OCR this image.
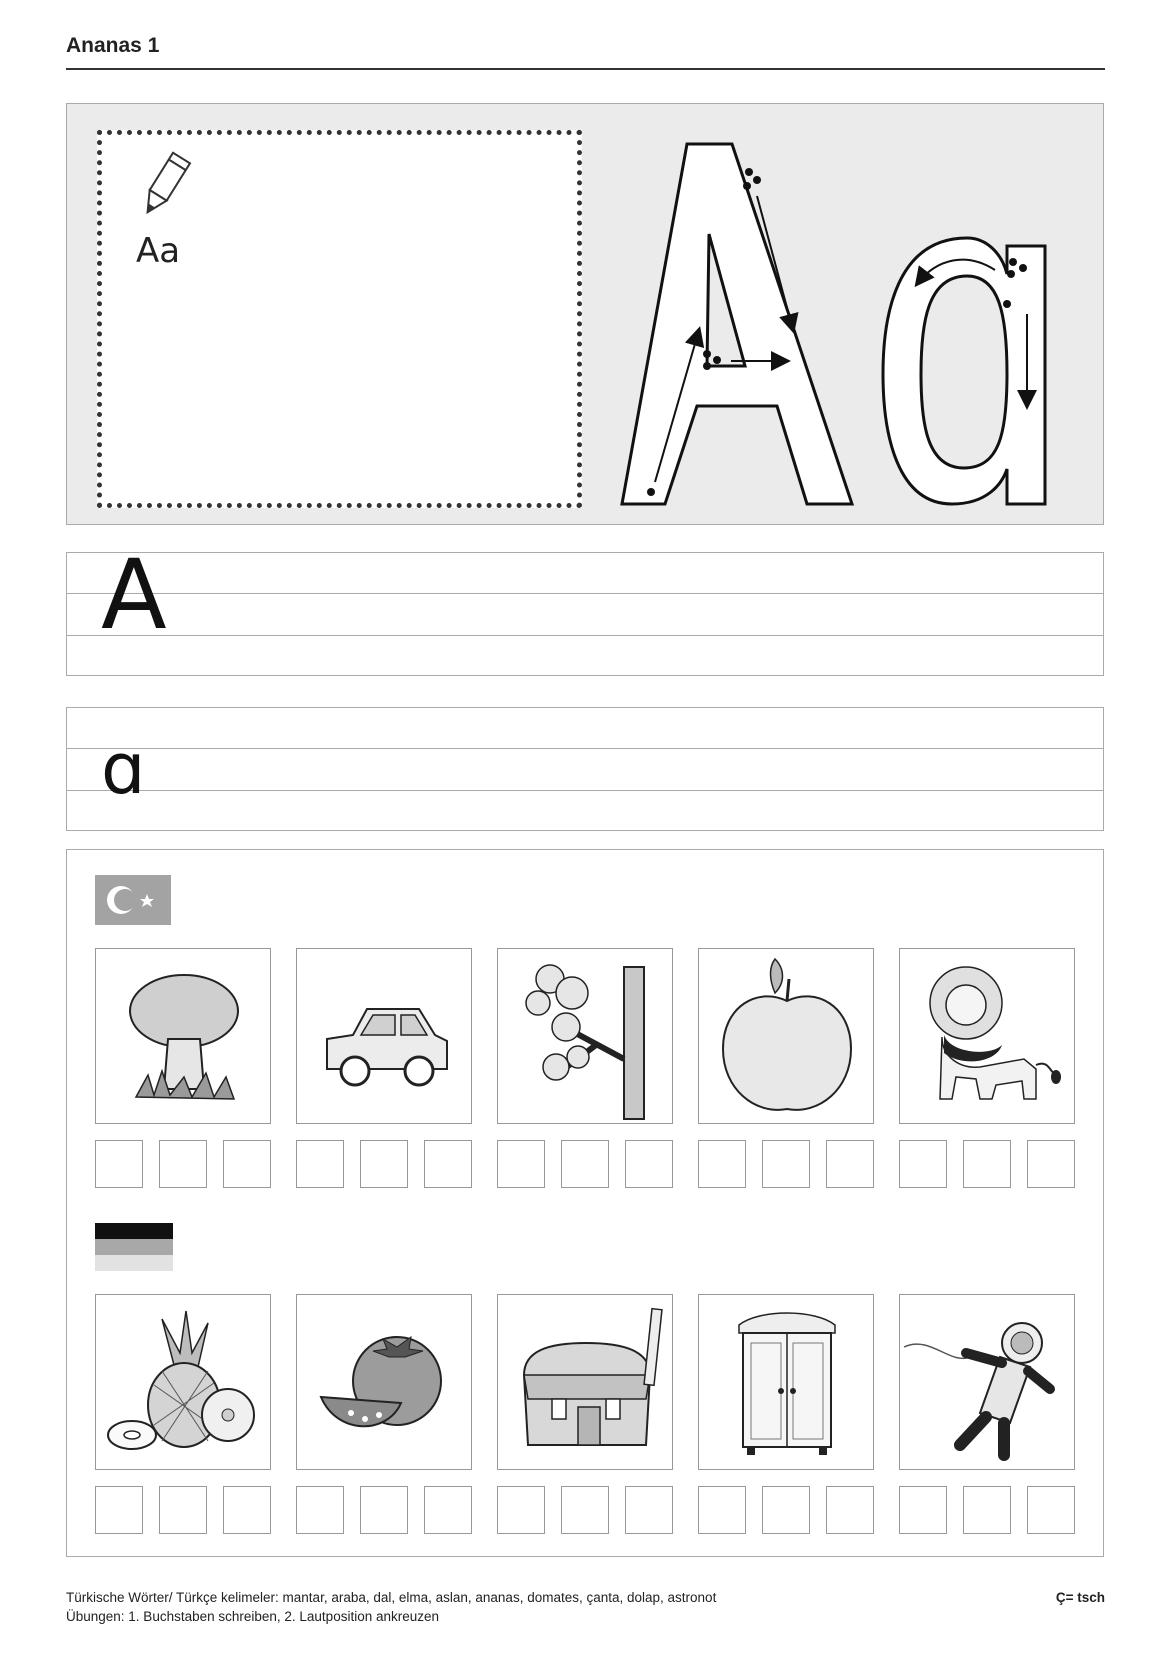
Ananas 1
Aa
A
ɑ
Türkische Wörter/ Türkçe kelimeler: mantar, araba, dal, elma, aslan, ananas, domates, çanta, dolap, astronot
Übungen: 1. Buchstaben schreiben, 2. Lautposition ankreuzen
Ç= tsch
